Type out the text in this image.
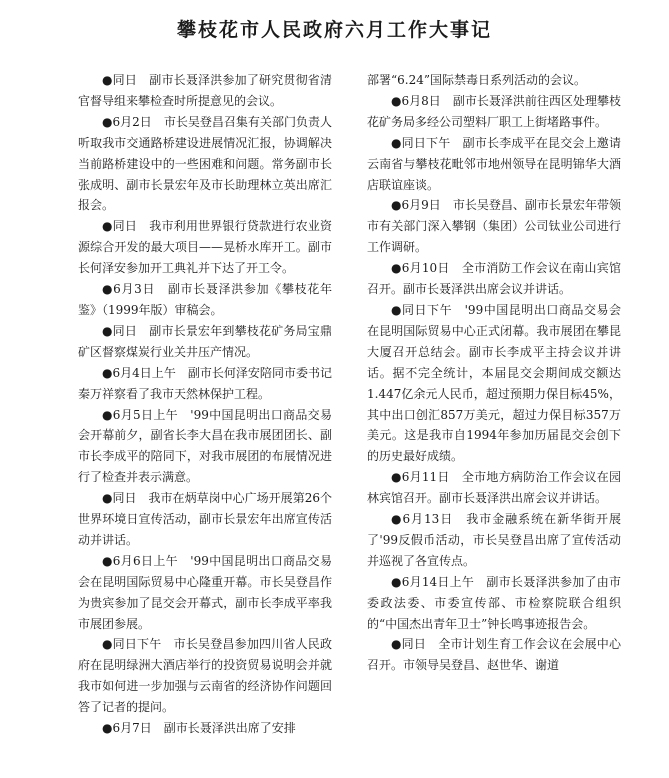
攀枝花市人民政府六月工作大事记

●同日　副市长聂泽洪参加了研究贯彻省清官督导组来攀检查时所提意见的会议。

●6月2日　市长吴登昌召集有关部门负责人听取我市交通路桥建设进展情况汇报，协调解决当前路桥建设中的一些困难和问题。常务副市长张成明、副市长景宏年及市长助理林立英出席汇报会。

●同日　我市利用世界银行贷款进行农业资源综合开发的最大项目——晃桥水库开工。副市长何泽安参加开工典礼并下达了开工令。

●6月3日　副市长聂泽洪参加《攀枝花年鉴》（1999年版）审稿会。

●同日　副市长景宏年到攀枝花矿务局宝鼎矿区督察煤炭行业关井压产情况。

●6月4日上午　副市长何泽安陪同市委书记秦万祥察看了我市天然林保护工程。

●6月5日上午　'99中国昆明出口商品交易会开幕前夕，副省长李大昌在我市展团团长、副市长李成平的陪同下，对我市展团的布展情况进行了检查并表示满意。

●同日　我市在炳草岗中心广场开展第26个世界环境日宣传活动，副市长景宏年出席宣传活动并讲话。

●6月6日上午　'99中国昆明出口商品交易会在昆明国际贸易中心隆重开幕。市长吴登昌作为贵宾参加了昆交会开幕式，副市长李成平率我市展团参展。

●同日下午　市长吴登昌参加四川省人民政府在昆明绿洲大酒店举行的投资贸易说明会并就我市如何进一步加强与云南省的经济协作问题回答了记者的提问。

●6月7日　副市长聂泽洪出席了安排

部署“6.24”国际禁毒日系列活动的会议。

●6月8日　副市长聂泽洪前往西区处理攀枝花矿务局多经公司塑料厂职工上街堵路事件。

●同日下午　副市长李成平在昆交会上邀请云南省与攀枝花毗邻市地州领导在昆明锦华大酒店联谊座谈。

●6月9日　市长吴登昌、副市长景宏年带领市有关部门深入攀钢（集团）公司钛业公司进行工作调研。

●6月10日　全市消防工作会议在南山宾馆召开。副市长聂泽洪出席会议并讲话。

●同日下午　'99中国昆明出口商品交易会在昆明国际贸易中心正式闭幕。我市展团在攀昆大厦召开总结会。副市长李成平主持会议并讲话。据不完全统计，本届昆交会期间成交额达1.447亿余元人民币，超过预期力保目标45%，其中出口创汇857万美元，超过力保目标357万美元。这是我市自1994年参加历届昆交会创下的历史最好成绩。

●6月11日　全市地方病防治工作会议在园林宾馆召开。副市长聂泽洪出席会议并讲话。

●6月13日　我市金融系统在新华街开展了'99反假币活动，市长吴登昌出席了宣传活动并巡视了各宣传点。

●6月14日上午　副市长聂泽洪参加了由市委政法委、市委宣传部、市检察院联合组织的“中国杰出青年卫士”钟长鸣事迹报告会。

●同日　全市计划生育工作会议在会展中心召开。市领导吴登昌、赵世华、谢道
